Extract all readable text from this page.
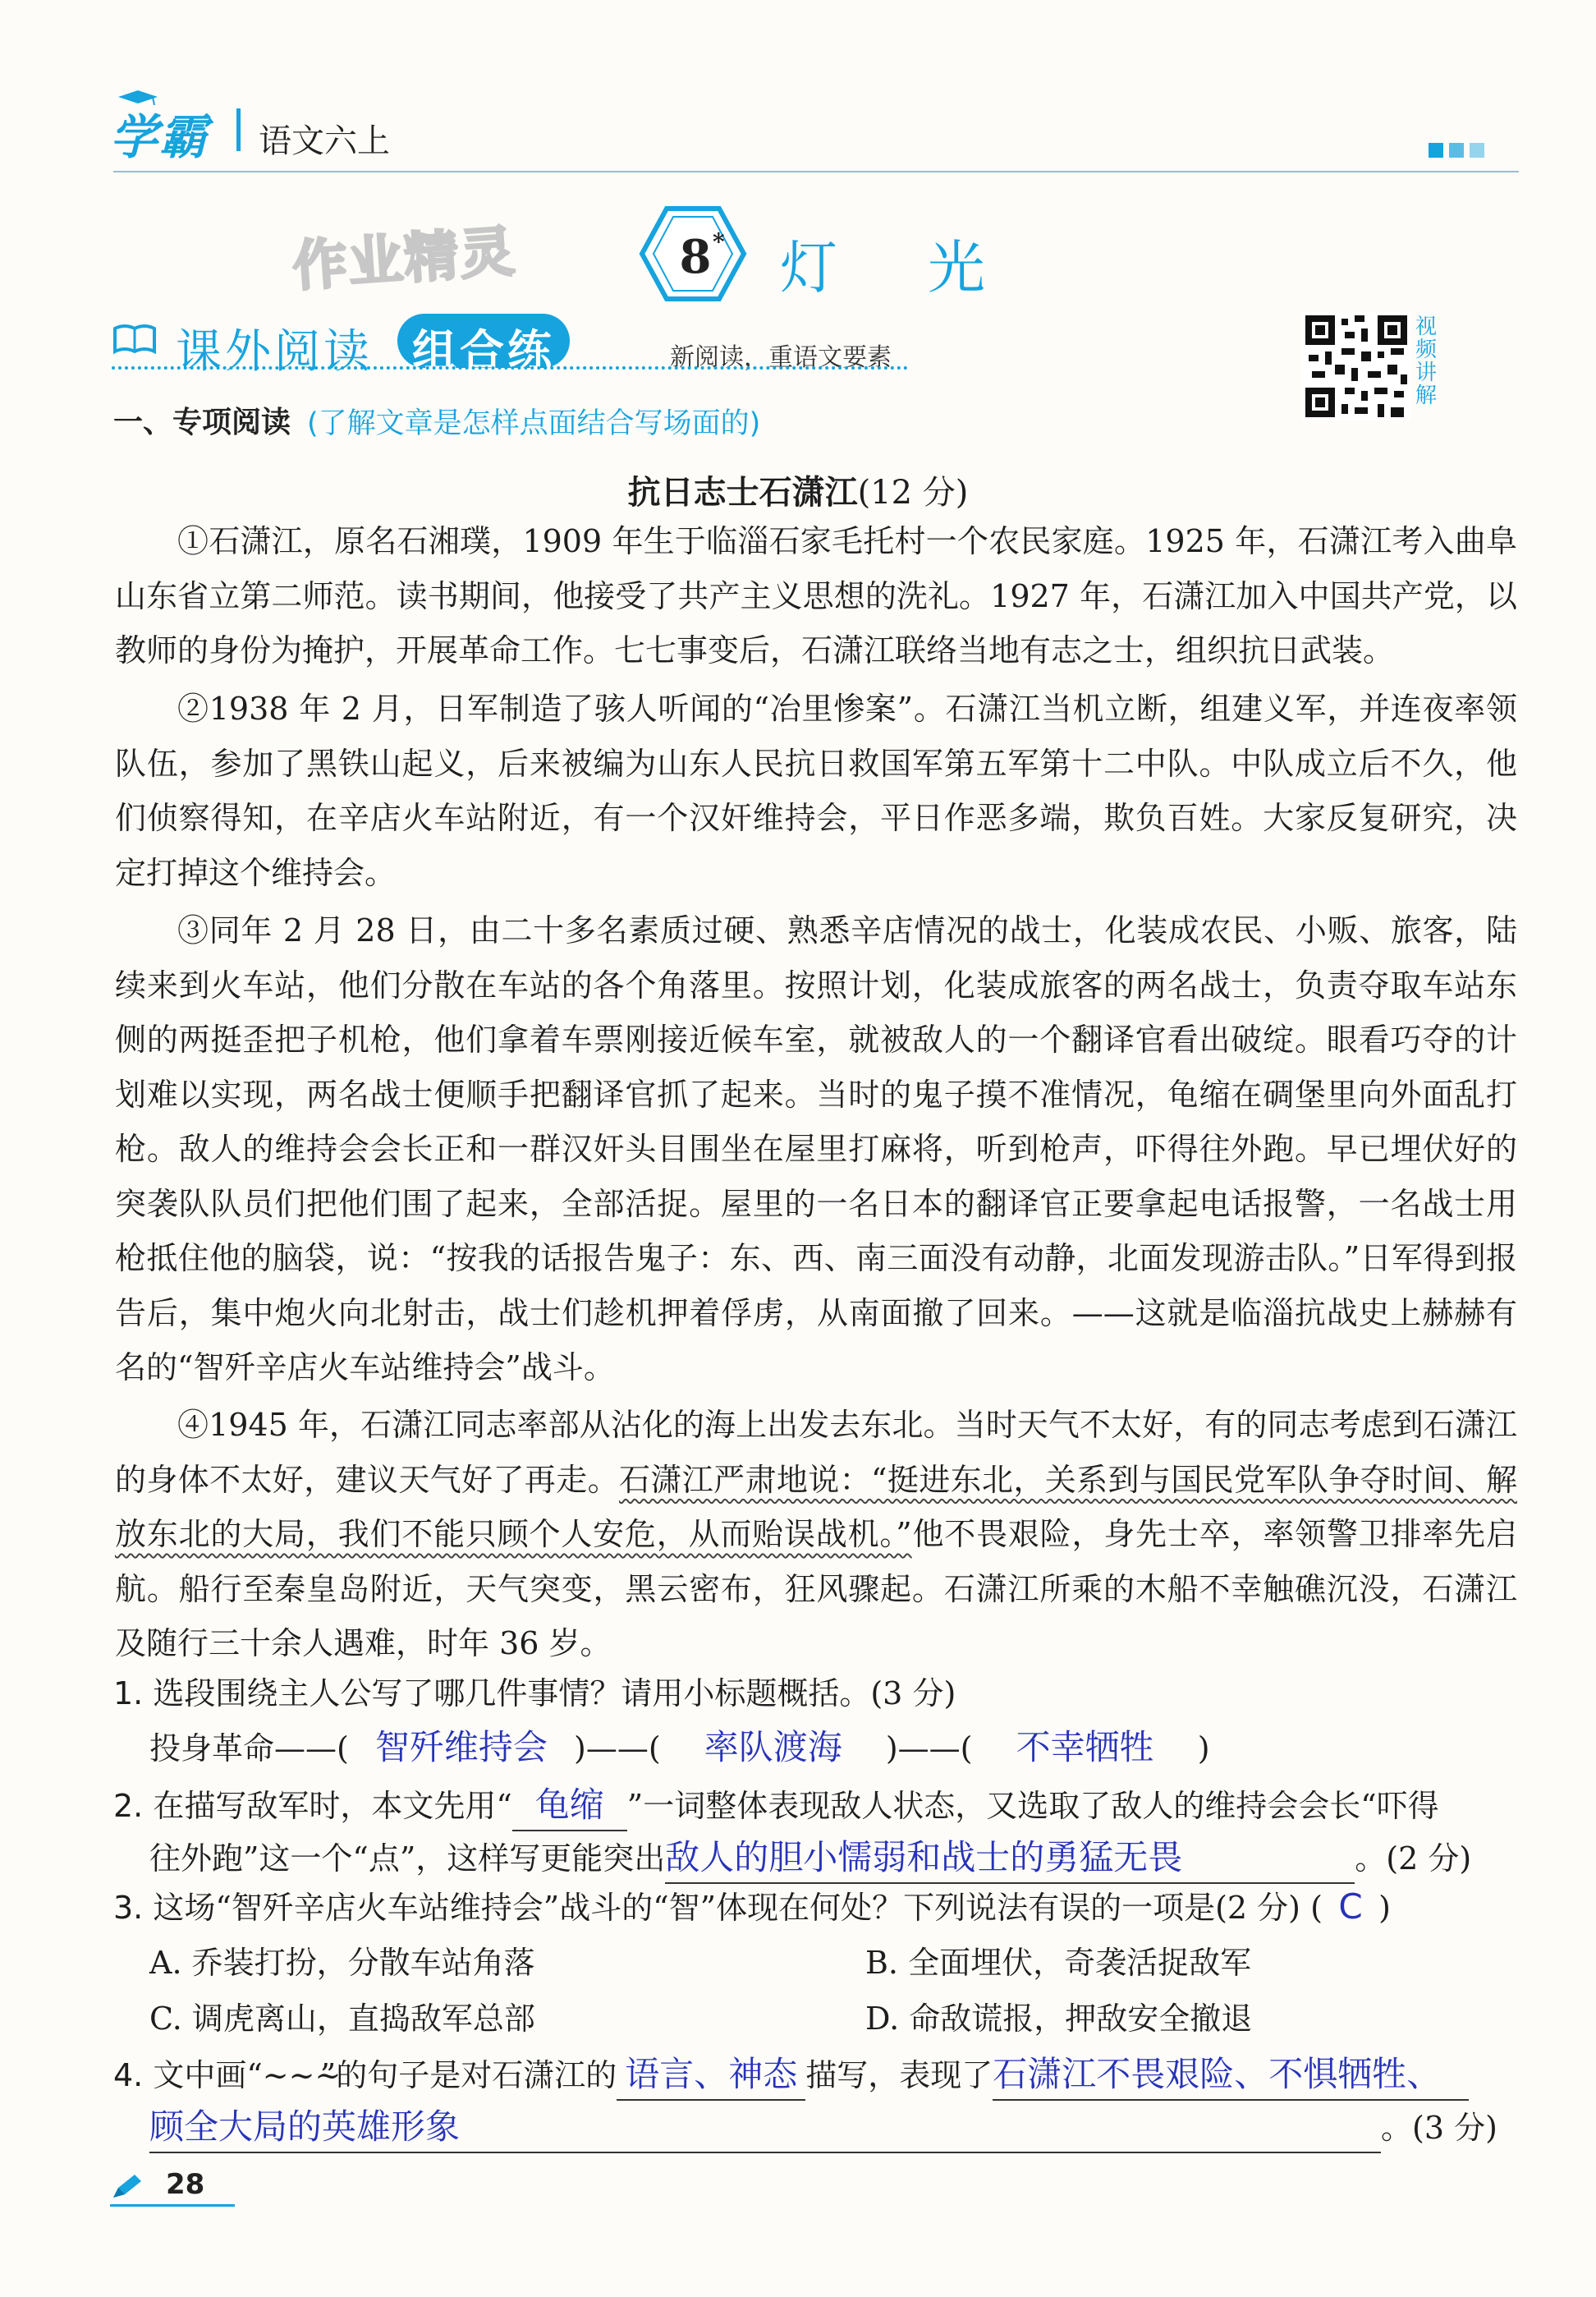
学霸 语文六上
作业精灵	8 * 灯光
课外阅读 组合练	新阅读，重语文要素
视频讲解
一、专项阅读 (了解文章是怎样点面结合写场面的)
抗日志士石潇江(12 分)

①石潇江，原名石湘璞，1909 年生于临淄石家毛托村一个农民家庭。1925 年，石潇江考入曲阜山东省立第二师范。读书期间，他接受了共产主义思想的洗礼。1927 年，石潇江加入中国共产党，以教师的身份为掩护，开展革命工作。七七事变后，石潇江联络当地有志之士，组织抗日武装。

②1938 年 2 月，日军制造了骇人听闻的“冶里惨案”。石潇江当机立断，组建义军，并连夜率领队伍，参加了黑铁山起义，后来被编为山东人民抗日救国军第五军第十二中队。中队成立后不久，他们侦察得知，在辛店火车站附近，有一个汉奸维持会，平日作恶多端，欺负百姓。大家反复研究，决定打掉这个维持会。

③同年 2 月 28 日，由二十多名素质过硬、熟悉辛店情况的战士，化装成农民、小贩、旅客，陆续来到火车站，他们分散在车站的各个角落里。按照计划，化装成旅客的两名战士，负责夺取车站东侧的两挺歪把子机枪，他们拿着车票刚接近候车室，就被敌人的一个翻译官看出破绽。眼看巧夺的计划难以实现，两名战士便顺手把翻译官抓了起来。当时的鬼子摸不准情况，龟缩在碉堡里向外面乱打枪。敌人的维持会会长正和一群汉奸头目围坐在屋里打麻将，听到枪声，吓得往外跑。早已埋伏好的突袭队队员们把他们围了起来，全部活捉。屋里的一名日本的翻译官正要拿起电话报警，一名战士用枪抵住他的脑袋，说：“按我的话报告鬼子：东、西、南三面没有动静，北面发现游击队。”日军得到报告后，集中炮火向北射击，战士们趁机押着俘虏，从南面撤了回来。——这就是临淄抗战史上赫赫有名的“智歼辛店火车站维持会”战斗。

④1945 年，石潇江同志率部从沾化的海上出发去东北。当时天气不太好，有的同志考虑到石潇江的身体不太好，建议天气好了再走。石潇江严肃地说：“挺进东北，关系到与国民党军队争夺时间、解放东北的大局，我们不能只顾个人安危，从而贻误战机。”他不畏艰险，身先士卒，率领警卫排率先启航。船行至秦皇岛附近，天气突变，黑云密布，狂风骤起。石潇江所乘的木船不幸触礁沉没，石潇江及随行三十余人遇难，时年 36 岁。

1. 选段围绕主人公写了哪几件事情？请用小标题概括。(3 分)
投身革命——( 智歼维持会 )——( 率队渡海 )——( 不幸牺牲 )
2. 在描写敌军时，本文先用“ 龟缩 ”一词整体表现敌人状态，又选取了敌人的维持会会长“吓得
往外跑”这一个“点”，这样写更能突出敌人的胆小懦弱和战士的勇猛无畏	。(2 分)
3. 这场“智歼辛店火车站维持会”战斗的“智”体现在何处？下列说法有误的一项是(2 分) ( C )
A. 乔装打扮，分散车站角落	B. 全面埋伏，奇袭活捉敌军
C. 调虎离山，直捣敌军总部	D. 命敌谎报，押敌安全撤退
4. 文中画“~~~”的句子是对石潇江的 语言、神态 描写，表现了石潇江不畏艰险、不惧牺牲、
顾全大局的英雄形象	。(3 分)
28
